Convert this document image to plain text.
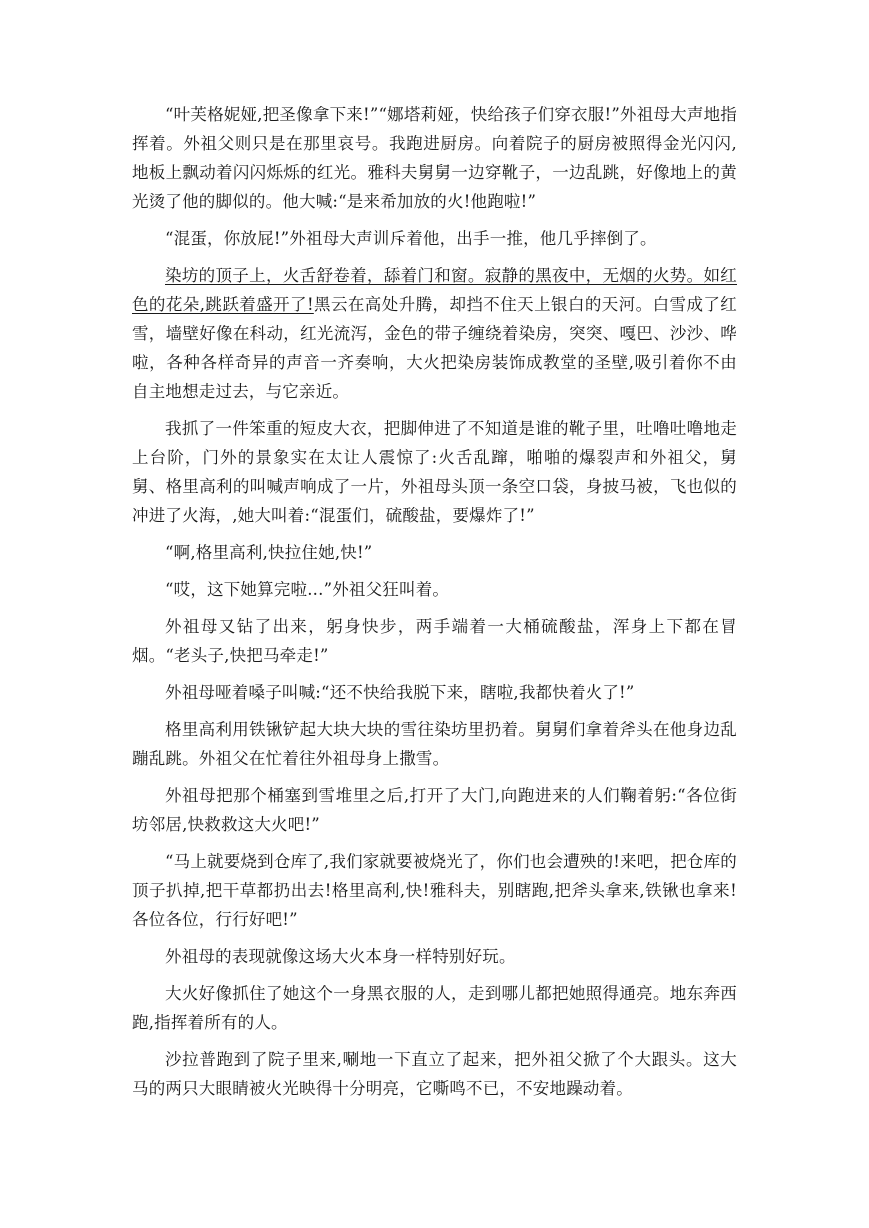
“叶芙格妮娅,把圣像拿下来!”“娜塔莉娅，快给孩子们穿衣服!”外祖母大声地指挥着。外祖父则只是在那里哀号。我跑进厨房。向着院子的厨房被照得金光闪闪,地板上飘动着闪闪烁烁的红光。雅科夫舅舅一边穿靴子，一边乱跳，好像地上的黄光烫了他的脚似的。他大喊:“是来希加放的火!他跑啦!”

“混蛋，你放屁!”外祖母大声训斥着他，出手一推，他几乎摔倒了。

染坊的顶子上，火舌舒卷着，舔着门和窗。寂静的黑夜中，无烟的火势。如红色的花朵,跳跃着盛开了!黑云在高处升腾，却挡不住天上银白的天河。白雪成了红雪，墙壁好像在科动，红光流泻，金色的带子缠绕着染房，突突、嘎巴、沙沙、哗啦，各种各样奇异的声音一齐奏响，大火把染房装饰成教堂的圣壁,吸引着你不由自主地想走过去，与它亲近。

我抓了一件笨重的短皮大衣，把脚伸进了不知道是谁的靴子里，吐噜吐噜地走上台阶，门外的景象实在太让人震惊了:火舌乱蹿，啪啪的爆裂声和外祖父，舅舅、格里高利的叫喊声响成了一片，外祖母头顶一条空口袋，身披马被，飞也似的冲进了火海，,她大叫着:“混蛋们，硫酸盐，要爆炸了!”

“啊,格里高利,快拉住她,快!”

“哎，这下她算完啦...”外祖父狂叫着。

外祖母又钻了出来，躬身快步，两手端着一大桶硫酸盐，浑身上下都在冒烟。“老头子,快把马牵走!”

外祖母哑着嗓子叫喊:“还不快给我脱下来，瞎啦,我都快着火了!”

格里高利用铁锹铲起大块大块的雪往染坊里扔着。舅舅们拿着斧头在他身边乱蹦乱跳。外祖父在忙着往外祖母身上撒雪。

外祖母把那个桶塞到雪堆里之后,打开了大门,向跑进来的人们鞠着躬:“各位街坊邻居,快救救这大火吧!”

“马上就要烧到仓库了,我们家就要被烧光了，你们也会遭殃的!来吧，把仓库的顶子扒掉,把干草都扔出去!格里高利,快!雅科夫，别瞎跑,把斧头拿来,铁锹也拿来!各位各位，行行好吧!”

外祖母的表现就像这场大火本身一样特别好玩。

大火好像抓住了她这个一身黑衣服的人，走到哪儿都把她照得通亮。地东奔西跑,指挥着所有的人。

沙拉普跑到了院子里来,唰地一下直立了起来，把外祖父掀了个大跟头。这大马的两只大眼睛被火光映得十分明亮，它嘶鸣不已，不安地躁动着。
